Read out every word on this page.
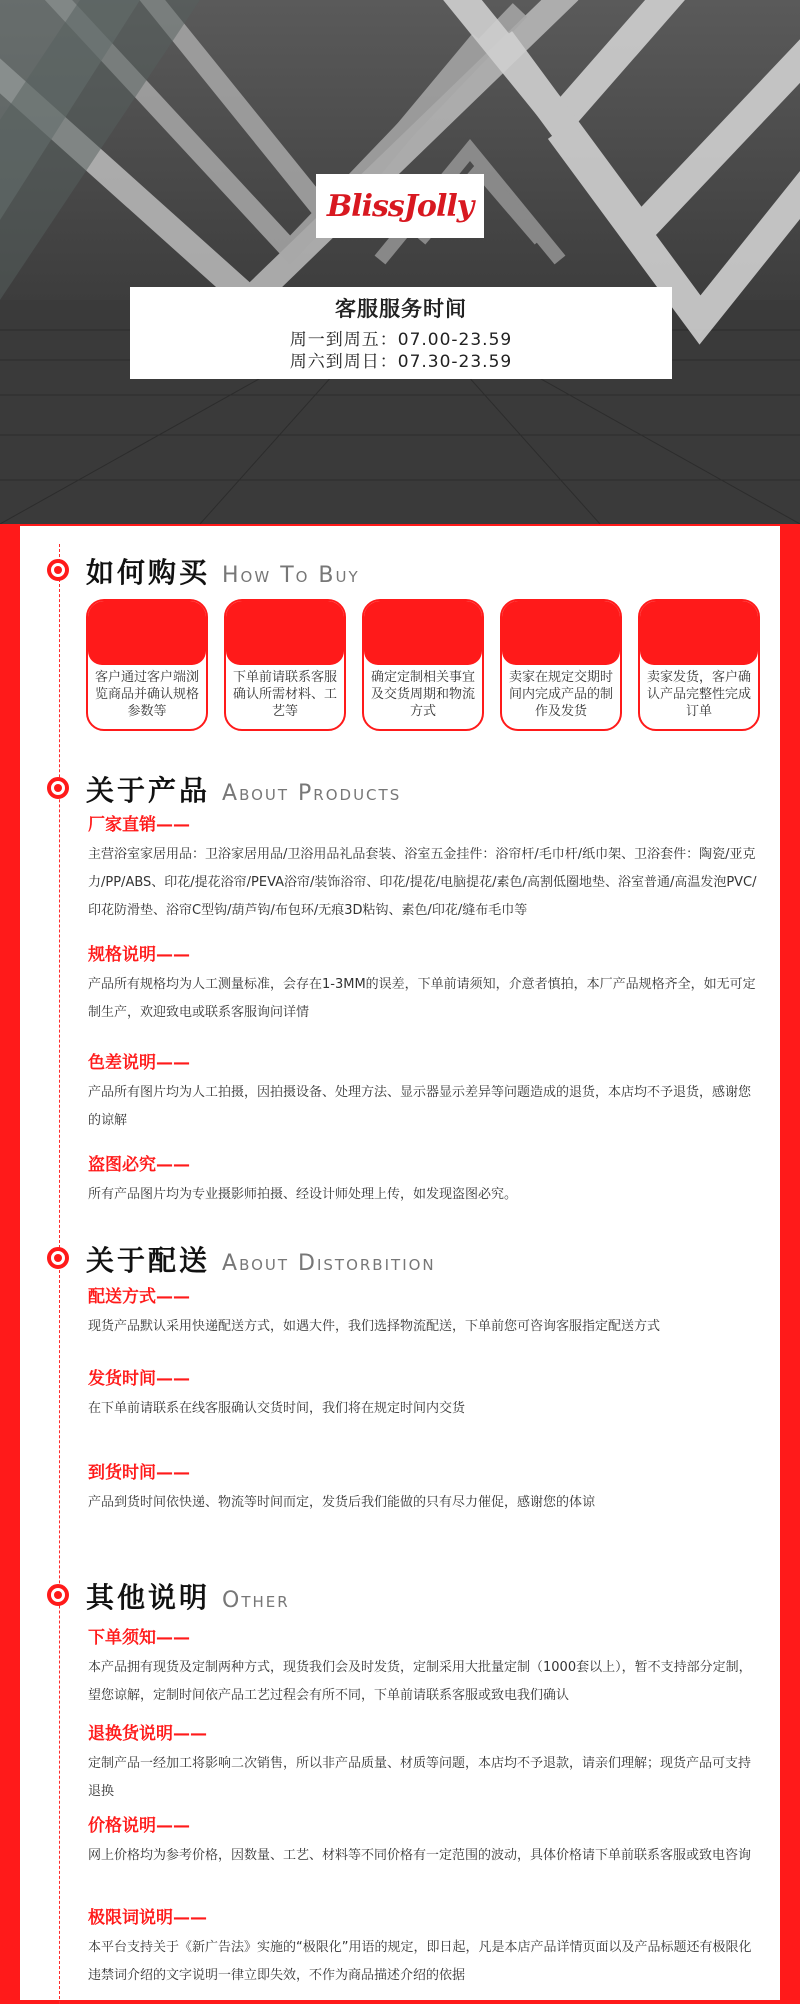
BlissJolly
客服服务时间
周一到周五：07.00-23.59
周六到周日：07.30-23.59
如何购买 How To Buy
客户通过客户端浏览商品并确认规格参数等
下单前请联系客服确认所需材料、工艺等
确定定制相关事宜及交货周期和物流方式
卖家在规定交期时间内完成产品的制作及发货
卖家发货，客户确认产品完整性完成订单
关于产品 About Products
厂家直销——
主营浴室家居用品：卫浴家居用品/卫浴用品礼品套装、浴室五金挂件：浴帘杆/毛巾杆/纸巾架、卫浴套件：陶瓷/亚克力/PP/ABS、印花/提花浴帘/PEVA浴帘/装饰浴帘、印花/提花/电脑提花/素色/高割低圈地垫、浴室普通/高温发泡PVC/印花防滑垫、浴帘C型钩/葫芦钩/布包环/无痕3D粘钩、素色/印花/缝布毛巾等
规格说明——
产品所有规格均为人工测量标准，会存在1-3MM的误差，下单前请须知，介意者慎拍，本厂产品规格齐全，如无可定制生产，欢迎致电或联系客服询问详情
色差说明——
产品所有图片均为人工拍摄，因拍摄设备、处理方法、显示器显示差异等问题造成的退货，本店均不予退货，感谢您的谅解
盗图必究——
所有产品图片均为专业摄影师拍摄、经设计师处理上传，如发现盗图必究。
关于配送 About Distorbition
配送方式——
现货产品默认采用快递配送方式，如遇大件，我们选择物流配送，下单前您可咨询客服指定配送方式
发货时间——
在下单前请联系在线客服确认交货时间，我们将在规定时间内交货
到货时间——
产品到货时间依快递、物流等时间而定，发货后我们能做的只有尽力催促，感谢您的体谅
其他说明 Other
下单须知——
本产品拥有现货及定制两种方式，现货我们会及时发货，定制采用大批量定制（1000套以上），暂不支持部分定制，望您谅解，定制时间依产品工艺过程会有所不同，下单前请联系客服或致电我们确认
退换货说明——
定制产品一经加工将影响二次销售，所以非产品质量、材质等问题，本店均不予退款，请亲们理解；现货产品可支持退换
价格说明——
网上价格均为参考价格，因数量、工艺、材料等不同价格有一定范围的波动，具体价格请下单前联系客服或致电咨询
极限词说明——
本平台支持关于《新广告法》实施的“极限化”用语的规定，即日起，凡是本店产品详情页面以及产品标题还有极限化违禁词介绍的文字说明一律立即失效，不作为商品描述介绍的依据
